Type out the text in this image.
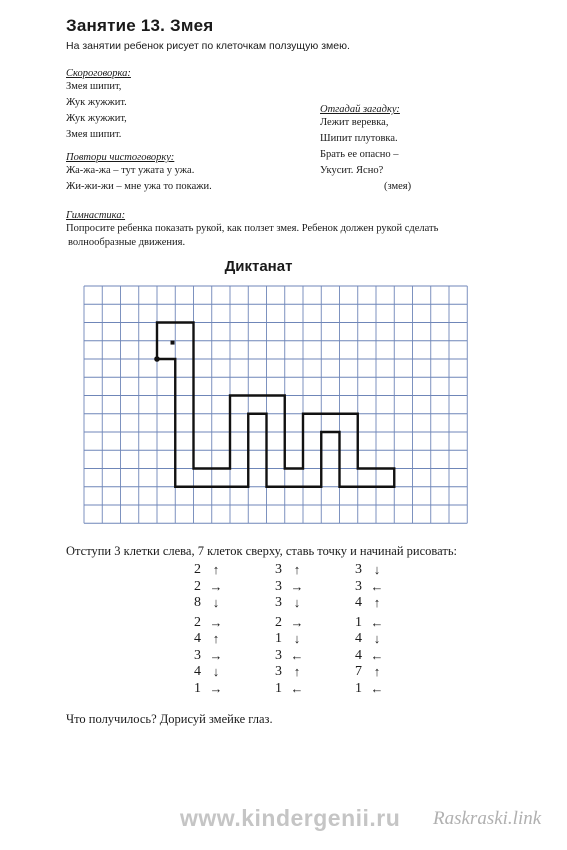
Занятие 13. Змея
На занятии ребенок рисует по клеточкам ползущую змею.
Скороговорка:
Змея шипит,
Жук жужжит.
Жук жужжит,
Змея шипит.
Отгадай загадку:
Лежит веревка,
Шипит плутовка.
Брать ее опасно –
Укусит. Ясно?
(змея)
Повтори чистоговорку:
Жа-жа-жа – тут ужата у ужа.
Жи-жи-жи – мне ужа то покажи.
Гимнастика:
Попросите ребенка показать рукой, как ползет змея. Ребенок должен рукой сделать
волнообразные движения.
Диктанат
Отступи 3 клетки слева, 7 клеток сверху, ставь точку и начинай рисовать:
2 ↑
2 →
8 ↓
2 →
4 ↑
3 →
4 ↓
1 →
3 ↑
3 →
3 ↓
2 →
1 ↓
3 ←
3 ↑
1 ←
3 ↓
3 ←
4 ↑
1 ←
4 ↓
4 ←
7 ↑
1 ←
Что получилось? Дорисуй змейке глаз.
www.kindergenii.ru Raskraski.link
